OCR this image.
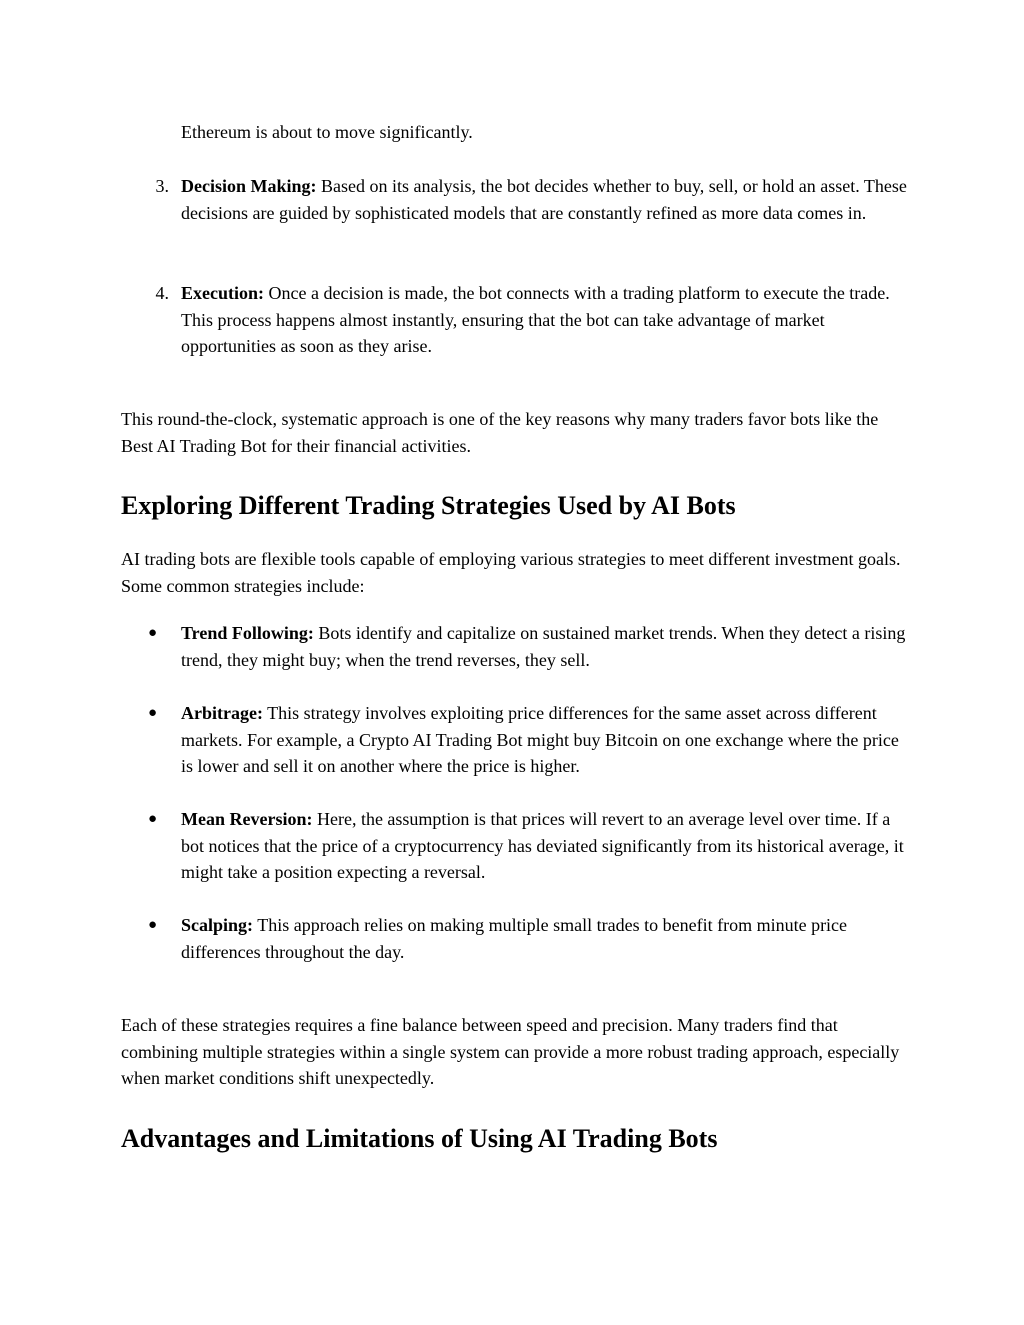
Ethereum is about to move significantly.

3. Decision Making: Based on its analysis, the bot decides whether to buy, sell, or hold an asset. These decisions are guided by sophisticated models that are constantly refined as more data comes in.
4. Execution: Once a decision is made, the bot connects with a trading platform to execute the trade. This process happens almost instantly, ensuring that the bot can take advantage of market opportunities as soon as they arise.

This round-the-clock, systematic approach is one of the key reasons why many traders favor bots like the Best AI Trading Bot for their financial activities.

Exploring Different Trading Strategies Used by AI Bots

AI trading bots are flexible tools capable of employing various strategies to meet different investment goals. Some common strategies include:

● Trend Following: Bots identify and capitalize on sustained market trends. When they detect a rising trend, they might buy; when the trend reverses, they sell.
● Arbitrage: This strategy involves exploiting price differences for the same asset across different markets. For example, a Crypto AI Trading Bot might buy Bitcoin on one exchange where the price is lower and sell it on another where the price is higher.
● Mean Reversion: Here, the assumption is that prices will revert to an average level over time. If a bot notices that the price of a cryptocurrency has deviated significantly from its historical average, it might take a position expecting a reversal.
● Scalping: This approach relies on making multiple small trades to benefit from minute price differences throughout the day.

Each of these strategies requires a fine balance between speed and precision. Many traders find that combining multiple strategies within a single system can provide a more robust trading approach, especially when market conditions shift unexpectedly.

Advantages and Limitations of Using AI Trading Bots
